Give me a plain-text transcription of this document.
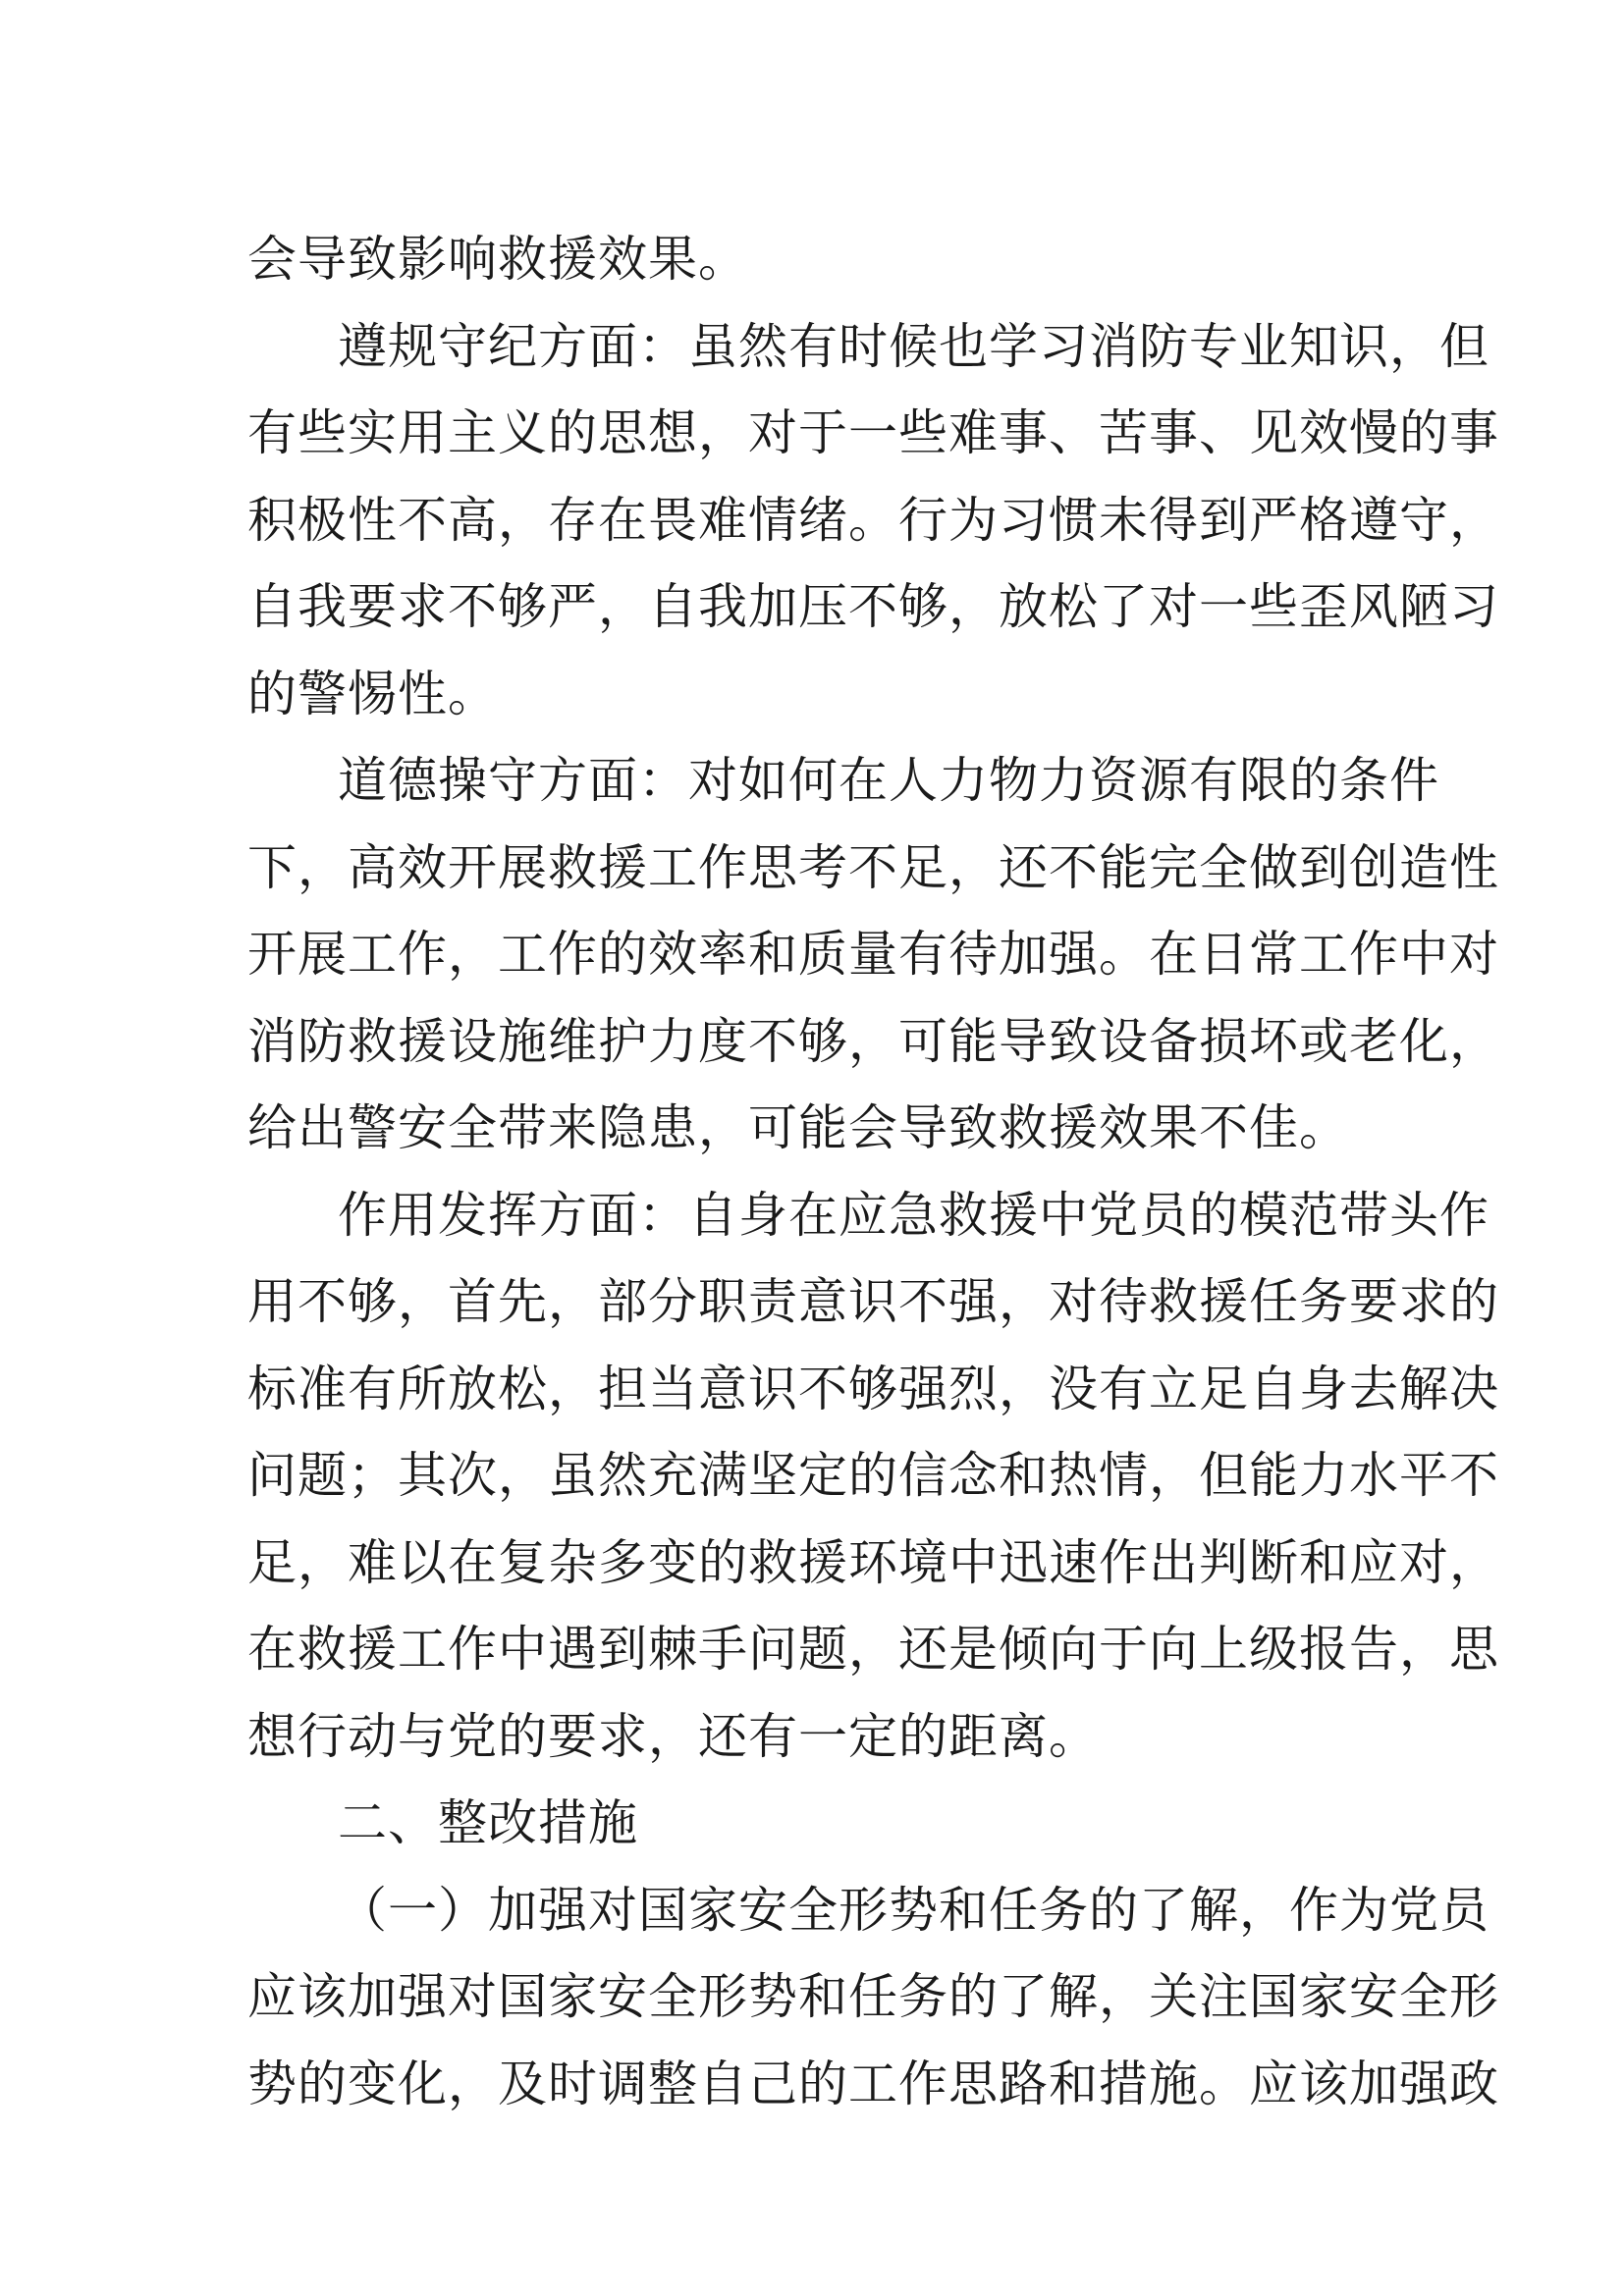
会导致影响救援效果。
遵规守纪方面：虽然有时候也学习消防专业知识，但
有些实用主义的思想，对于一些难事、苦事、见效慢的事
积极性不高，存在畏难情绪。行为习惯未得到严格遵守，
自我要求不够严，自我加压不够，放松了对一些歪风陋习
的警惕性。
道德操守方面：对如何在人力物力资源有限的条件
下，高效开展救援工作思考不足，还不能完全做到创造性
开展工作，工作的效率和质量有待加强。在日常工作中对
消防救援设施维护力度不够，可能导致设备损坏或老化，
给出警安全带来隐患，可能会导致救援效果不佳。
作用发挥方面：自身在应急救援中党员的模范带头作
用不够，首先，部分职责意识不强，对待救援任务要求的
标准有所放松，担当意识不够强烈，没有立足自身去解决
问题；其次，虽然充满坚定的信念和热情，但能力水平不
足，难以在复杂多变的救援环境中迅速作出判断和应对，
在救援工作中遇到棘手问题，还是倾向于向上级报告，思
想行动与党的要求，还有一定的距离。
二、整改措施
（一）加强对国家安全形势和任务的了解，作为党员
应该加强对国家安全形势和任务的了解，关注国家安全形
势的变化，及时调整自己的工作思路和措施。应该加强政
